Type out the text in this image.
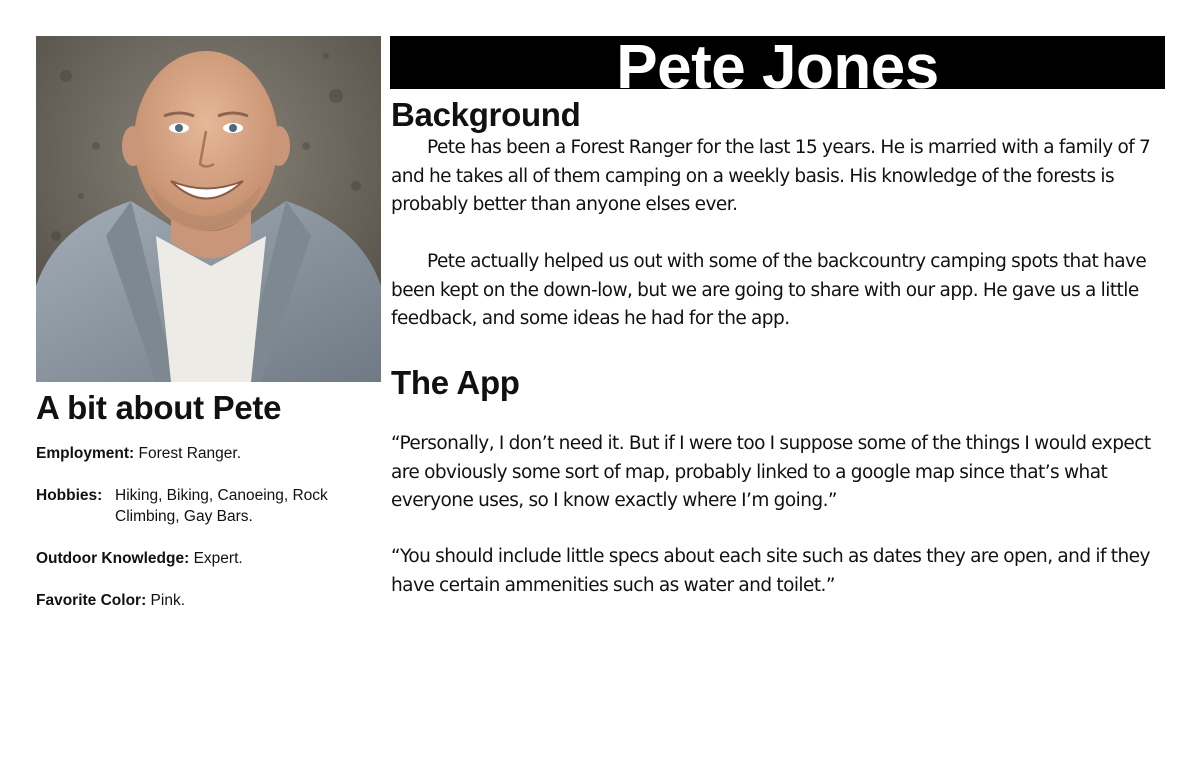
A bit about Pete

Employment: Forest Ranger.

Hobbies: Hiking, Biking, Canoeing, Rock Climbing, Gay Bars.

Outdoor Knowledge: Expert.

Favorite Color: Pink.

Pete Jones
Background

Pete has been a Forest Ranger for the last 15 years. He is married with a family of 7 and he takes all of them camping on a weekly basis. His knowledge of the forests is probably better than anyone elses ever.

Pete actually helped us out with some of the backcountry camping spots that have been kept on the down-low, but we are going to share with our app. He gave us a little feedback, and some ideas he had for the app.

The App

“Personally, I don’t need it. But if I were too I suppose some of the things I would expect are obviously some sort of map, probably linked to a google map since that’s what everyone uses, so I know exactly where I’m going.”

“You should include little specs about each site such as dates they are open, and if they have certain ammenities such as water and toilet.”
